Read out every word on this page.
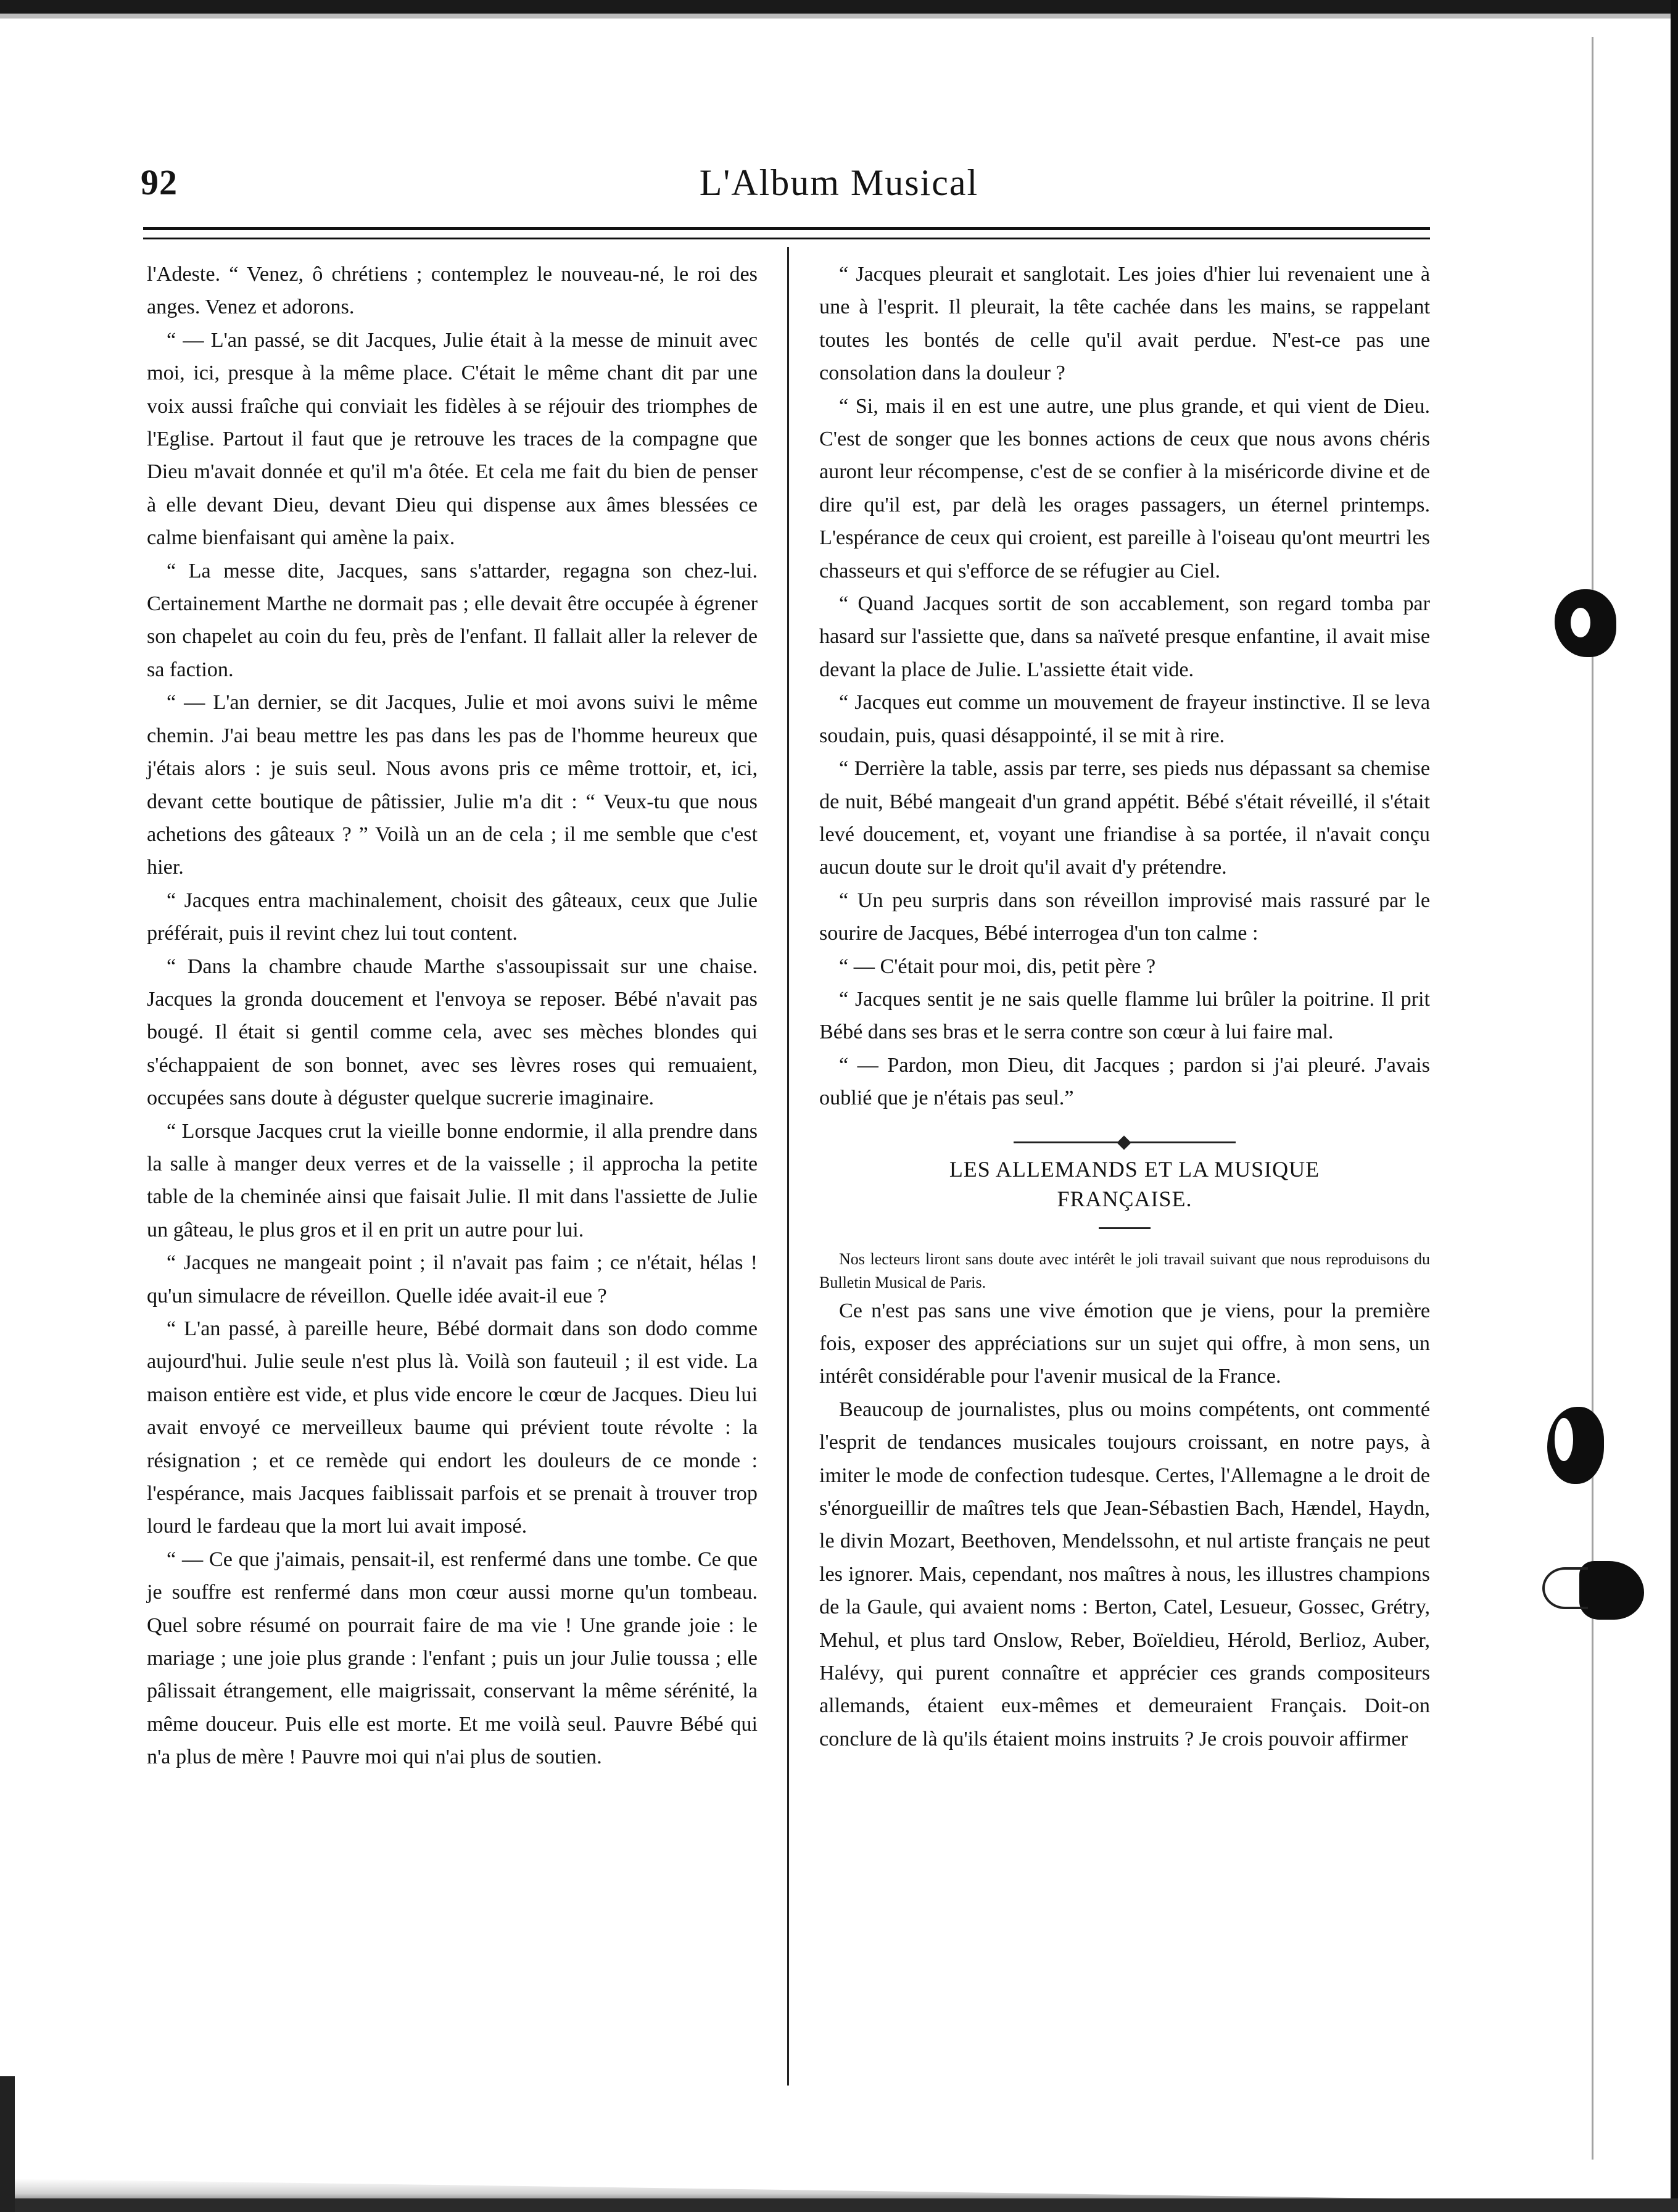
92	L'Album Musical

l'Adeste. “ Venez, ô chrétiens ; contemplez le nouveau-né, le roi des anges. Venez et adorons.

“ — L'an passé, se dit Jacques, Julie était à la messe de minuit avec moi, ici, presque à la même place. C'était le même chant dit par une voix aussi fraîche qui conviait les fidèles à se réjouir des triomphes de l'Eglise. Partout il faut que je retrouve les traces de la compagne que Dieu m'avait donnée et qu'il m'a ôtée. Et cela me fait du bien de penser à elle devant Dieu, devant Dieu qui dispense aux âmes blessées ce calme bienfaisant qui amène la paix.

“ La messe dite, Jacques, sans s'attarder, regagna son chez-lui. Certainement Marthe ne dormait pas ; elle devait être occupée à égrener son chapelet au coin du feu, près de l'enfant. Il fallait aller la relever de sa faction.

“ — L'an dernier, se dit Jacques, Julie et moi avons suivi le même chemin. J'ai beau mettre les pas dans les pas de l'homme heureux que j'étais alors : je suis seul. Nous avons pris ce même trottoir, et, ici, devant cette boutique de pâtissier, Julie m'a dit : “ Veux-tu que nous achetions des gâteaux ? ” Voilà un an de cela ; il me semble que c'est hier.

“ Jacques entra machinalement, choisit des gâteaux, ceux que Julie préférait, puis il revint chez lui tout content.

“ Dans la chambre chaude Marthe s'assoupissait sur une chaise. Jacques la gronda doucement et l'envoya se reposer. Bébé n'avait pas bougé. Il était si gentil comme cela, avec ses mèches blondes qui s'échappaient de son bonnet, avec ses lèvres roses qui remuaient, occupées sans doute à déguster quelque sucrerie imaginaire.

“ Lorsque Jacques crut la vieille bonne endormie, il alla prendre dans la salle à manger deux verres et de la vaisselle ; il approcha la petite table de la cheminée ainsi que faisait Julie. Il mit dans l'assiette de Julie un gâteau, le plus gros et il en prit un autre pour lui.

“ Jacques ne mangeait point ; il n'avait pas faim ; ce n'était, hélas ! qu'un simulacre de réveillon. Quelle idée avait-il eue ?

“ L'an passé, à pareille heure, Bébé dormait dans son dodo comme aujourd'hui. Julie seule n'est plus là. Voilà son fauteuil ; il est vide. La maison entière est vide, et plus vide encore le cœur de Jacques. Dieu lui avait envoyé ce merveilleux baume qui prévient toute révolte : la résignation ; et ce remède qui endort les douleurs de ce monde : l'espérance, mais Jacques faiblissait parfois et se prenait à trouver trop lourd le fardeau que la mort lui avait imposé.

“ — Ce que j'aimais, pensait-il, est renfermé dans une tombe. Ce que je souffre est renfermé dans mon cœur aussi morne qu'un tombeau. Quel sobre résumé on pourrait faire de ma vie ! Une grande joie : le mariage ; une joie plus grande : l'enfant ; puis un jour Julie toussa ; elle pâlissait étrangement, elle maigrissait, conservant la même sérénité, la même douceur. Puis elle est morte. Et me voilà seul. Pauvre Bébé qui n'a plus de mère ! Pauvre moi qui n'ai plus de soutien.

“ Jacques pleurait et sanglotait. Les joies d'hier lui revenaient une à une à l'esprit. Il pleurait, la tête cachée dans les mains, se rappelant toutes les bontés de celle qu'il avait perdue. N'est-ce pas une consolation dans la douleur ?

“ Si, mais il en est une autre, une plus grande, et qui vient de Dieu. C'est de songer que les bonnes actions de ceux que nous avons chéris auront leur récompense, c'est de se confier à la miséricorde divine et de dire qu'il est, par delà les orages passagers, un éternel printemps. L'espérance de ceux qui croient, est pareille à l'oiseau qu'ont meurtri les chasseurs et qui s'efforce de se réfugier au Ciel.

“ Quand Jacques sortit de son accablement, son regard tomba par hasard sur l'assiette que, dans sa naïveté presque enfantine, il avait mise devant la place de Julie. L'assiette était vide.

“ Jacques eut comme un mouvement de frayeur instinctive. Il se leva soudain, puis, quasi désappointé, il se mit à rire.

“ Derrière la table, assis par terre, ses pieds nus dépassant sa chemise de nuit, Bébé mangeait d'un grand appétit. Bébé s'était réveillé, il s'était levé doucement, et, voyant une friandise à sa portée, il n'avait conçu aucun doute sur le droit qu'il avait d'y prétendre.

“ Un peu surpris dans son réveillon improvisé mais rassuré par le sourire de Jacques, Bébé interrogea d'un ton calme :

“ — C'était pour moi, dis, petit père ?

“ Jacques sentit je ne sais quelle flamme lui brûler la poitrine. Il prit Bébé dans ses bras et le serra contre son cœur à lui faire mal.

“ — Pardon, mon Dieu, dit Jacques ; pardon si j'ai pleuré. J'avais oublié que je n'étais pas seul.”

LES ALLEMANDS ET LA MUSIQUE
FRANÇAISE.

Nos lecteurs liront sans doute avec intérêt le joli travail suivant que nous reproduisons du Bulletin Musical de Paris.

Ce n'est pas sans une vive émotion que je viens, pour la première fois, exposer des appréciations sur un sujet qui offre, à mon sens, un intérêt considérable pour l'avenir musical de la France.

Beaucoup de journalistes, plus ou moins compétents, ont commenté l'esprit de tendances musicales toujours croissant, en notre pays, à imiter le mode de confection tudesque. Certes, l'Allemagne a le droit de s'énorgueillir de maîtres tels que Jean-Sébastien Bach, Hændel, Haydn, le divin Mozart, Beethoven, Mendelssohn, et nul artiste français ne peut les ignorer. Mais, cependant, nos maîtres à nous, les illustres champions de la Gaule, qui avaient noms : Berton, Catel, Lesueur, Gossec, Grétry, Mehul, et plus tard Onslow, Reber, Boïeldieu, Hérold, Berlioz, Auber, Halévy, qui purent connaître et apprécier ces grands compositeurs allemands, étaient eux-mêmes et demeuraient Français. Doit-on conclure de là qu'ils étaient moins instruits ? Je crois pouvoir affirmer
